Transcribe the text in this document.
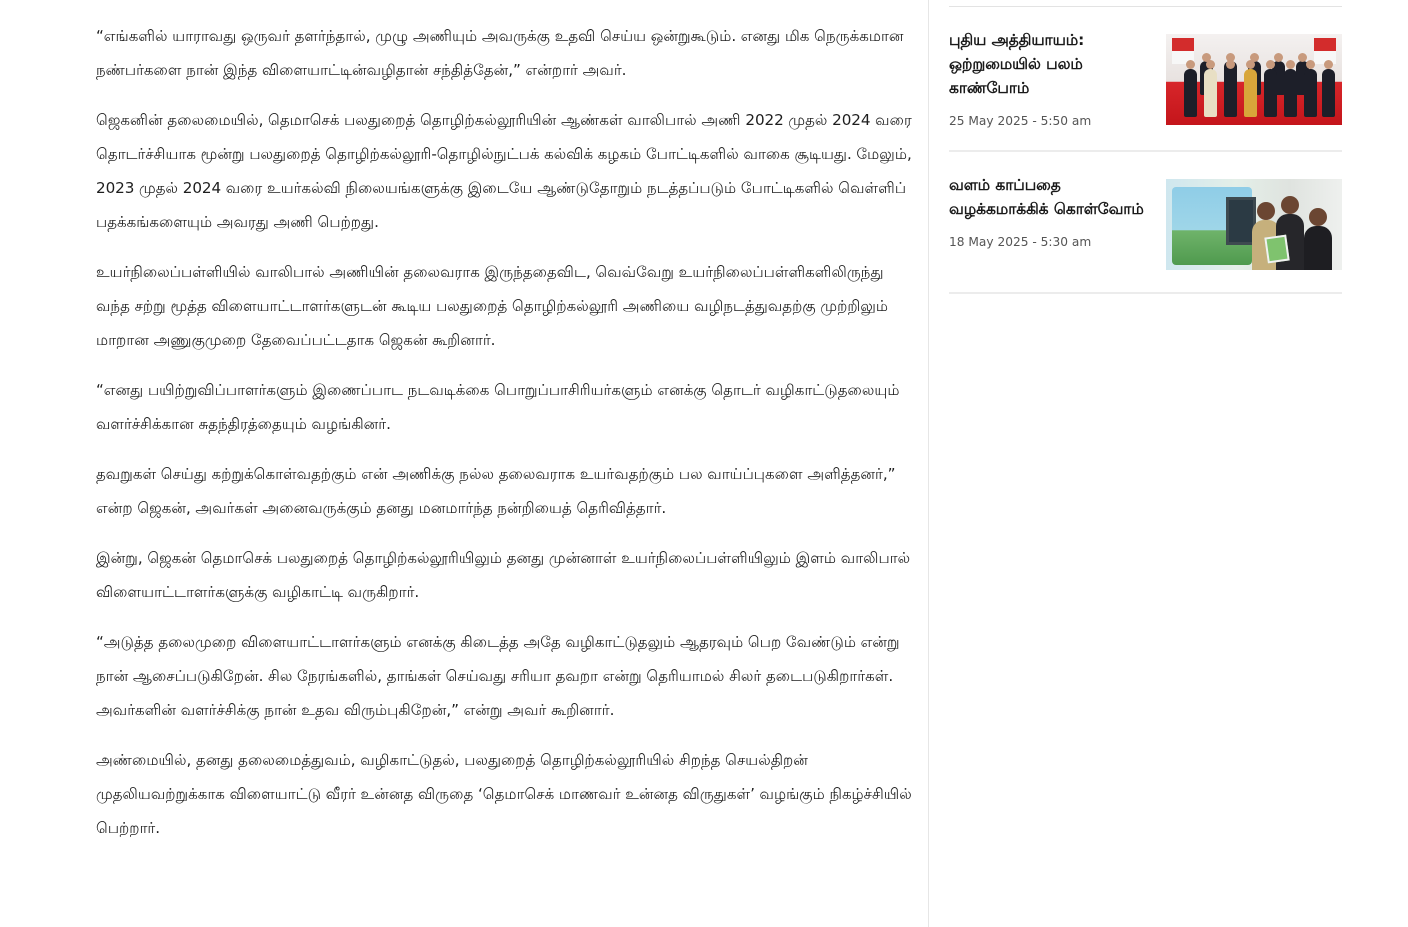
“எங்களில் யாராவது ஒருவர் தளர்ந்தால், முழு அணியும் அவருக்கு உதவி செய்ய ஒன்றுகூடும். எனது மிக நெருக்கமான நண்பர்களை நான் இந்த விளையாட்டின்வழிதான் சந்தித்தேன்,” என்றார் அவர்.

ஜெகனின் தலைமையில், தெமாசெக் பலதுறைத் தொழிற்கல்லூரியின் ஆண்கள் வாலிபால் அணி 2022 முதல் 2024 வரை தொடர்ச்சியாக மூன்று பலதுறைத் தொழிற்கல்லூரி-தொழில்நுட்பக் கல்விக் கழகம் போட்டிகளில் வாகை சூடியது. மேலும், 2023 முதல் 2024 வரை உயர்கல்வி நிலையங்களுக்கு இடையே ஆண்டுதோறும் நடத்தப்படும் போட்டிகளில் வெள்ளிப் பதக்கங்களையும் அவரது அணி பெற்றது.

உயர்நிலைப்பள்ளியில் வாலிபால் அணியின் தலைவராக இருந்ததைவிட, வெவ்வேறு உயர்நிலைப்பள்ளிகளிலிருந்து வந்த சற்று மூத்த விளையாட்டாளர்களுடன் கூடிய பலதுறைத் தொழிற்கல்லூரி அணியை வழிநடத்துவதற்கு முற்றிலும் மாறான அணுகுமுறை தேவைப்பட்டதாக ஜெகன் கூறினார்.

“எனது பயிற்றுவிப்பாளர்களும் இணைப்பாட நடவடிக்கை பொறுப்பாசிரியர்களும் எனக்கு தொடர் வழிகாட்டுதலையும் வளர்ச்சிக்கான சுதந்திரத்தையும் வழங்கினர்.

தவறுகள் செய்து கற்றுக்கொள்வதற்கும் என் அணிக்கு நல்ல தலைவராக உயர்வதற்கும் பல வாய்ப்புகளை அளித்தனர்,” என்ற ஜெகன், அவர்கள் அனைவருக்கும் தனது மனமார்ந்த நன்றியைத் தெரிவித்தார்.

இன்று, ஜெகன் தெமாசெக் பலதுறைத் தொழிற்கல்லூரியிலும் தனது முன்னாள் உயர்நிலைப்பள்ளியிலும் இளம் வாலிபால் விளையாட்டாளர்களுக்கு வழிகாட்டி வருகிறார்.

“அடுத்த தலைமுறை விளையாட்டாளர்களும் எனக்கு கிடைத்த அதே வழிகாட்டுதலும் ஆதரவும் பெற வேண்டும் என்று நான் ஆசைப்படுகிறேன். சில நேரங்களில், தாங்கள் செய்வது சரியா தவறா என்று தெரியாமல் சிலர் தடைபடுகிறார்கள். அவர்களின் வளர்ச்சிக்கு நான் உதவ விரும்புகிறேன்,” என்று அவர் கூறினார்.

அண்மையில், தனது தலைமைத்துவம், வழிகாட்டுதல், பலதுறைத் தொழிற்கல்லூரியில் சிறந்த செயல்திறன் முதலியவற்றுக்காக விளையாட்டு வீரர் உன்னத விருதை ‘தெமாசெக் மாணவர் உன்னத விருதுகள்’ வழங்கும் நிகழ்ச்சியில் பெற்றார்.

புதிய அத்தியாயம்: ஒற்றுமையில் பலம் காண்போம்
25 May 2025 - 5:50 am
வளம் காப்பதை வழக்கமாக்கிக் கொள்வோம்
18 May 2025 - 5:30 am
